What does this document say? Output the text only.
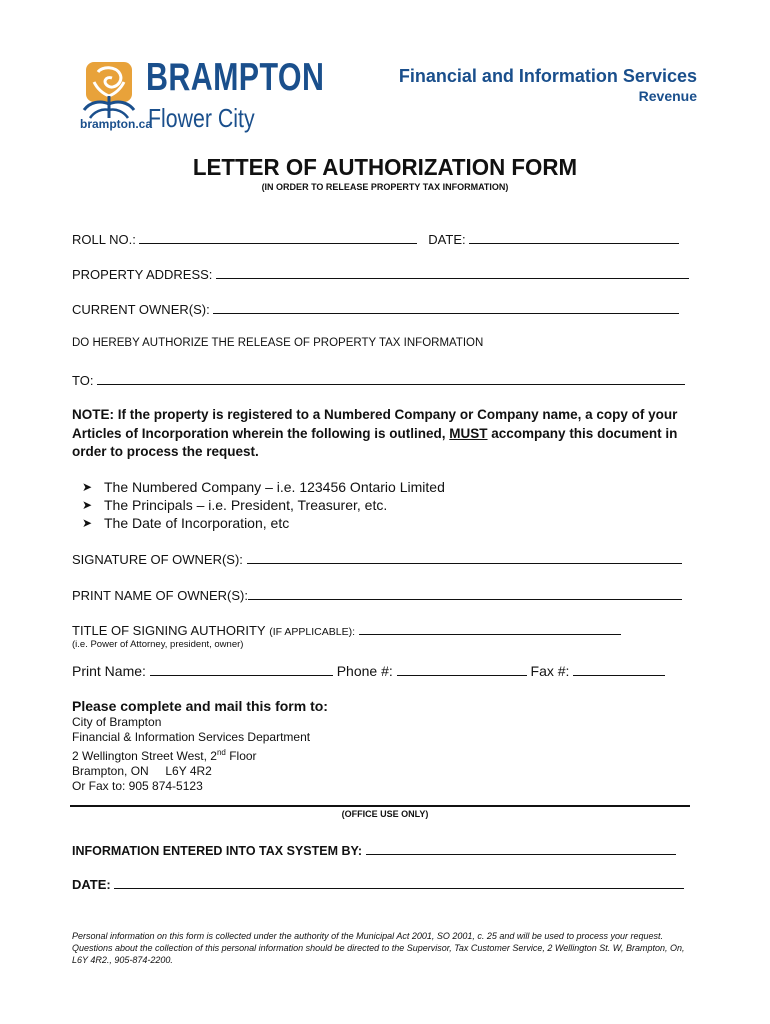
BRAMPTON
Flower City
brampton.ca
Financial and Information Services
Revenue
LETTER OF AUTHORIZATION FORM
(IN ORDER TO RELEASE PROPERTY TAX INFORMATION)
ROLL NO.:	DATE:
PROPERTY ADDRESS:
CURRENT OWNER(S):
DO HEREBY AUTHORIZE THE RELEASE OF PROPERTY TAX INFORMATION
TO:
NOTE: If the property is registered to a Numbered Company or Company name, a copy of your Articles of Incorporation wherein the following is outlined, MUST accompany this document in order to process the request.
➤ The Numbered Company – i.e. 123456 Ontario Limited
➤ The Principals – i.e. President, Treasurer, etc.
➤ The Date of Incorporation, etc
SIGNATURE OF OWNER(S):
PRINT NAME OF OWNER(S):
TITLE OF SIGNING AUTHORITY (IF APPLICABLE):
(i.e. Power of Attorney, president, owner)
Print Name:	Phone #:	Fax #:
Please complete and mail this form to:
City of Brampton
Financial & Information Services Department
2 Wellington Street West, 2nd Floor
Brampton, ON     L6Y 4R2
Or Fax to: 905 874-5123
(OFFICE USE ONLY)
INFORMATION ENTERED INTO TAX SYSTEM BY:
DATE:
Personal information on this form is collected under the authority of the Municipal Act 2001, SO 2001, c. 25 and will be used to process your request. Questions about the collection of this personal information should be directed to the Supervisor, Tax Customer Service, 2 Wellington St. W, Brampton, On, L6Y 4R2., 905-874-2200.
